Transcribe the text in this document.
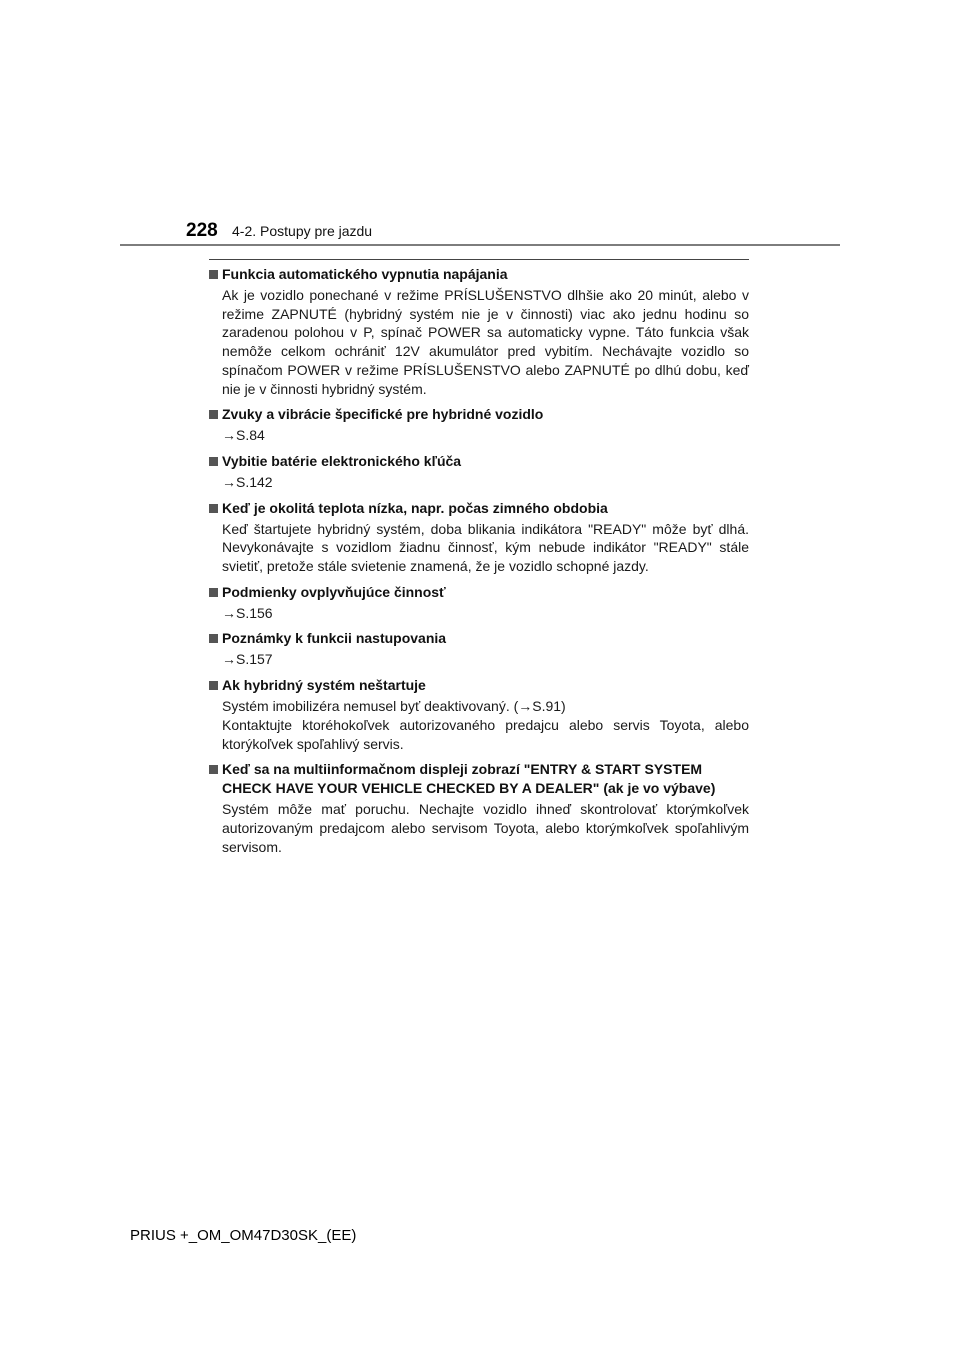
228 4-2. Postupy pre jazdu
Funkcia automatického vypnutia napájania
Ak je vozidlo ponechané v režime PRÍSLUŠENSTVO dlhšie ako 20 minút, alebo v režime ZAPNUTÉ (hybridný systém nie je v činnosti) viac ako jednu hodinu so zaradenou polohou v P, spínač POWER sa automaticky vypne. Táto funkcia však nemôže celkom ochrániť 12V akumulátor pred vybitím. Nechávajte vozidlo so spínačom POWER v režime PRÍSLUŠENSTVO alebo ZAPNUTÉ po dlhú dobu, keď nie je v činnosti hybridný systém.
Zvuky a vibrácie špecifické pre hybridné vozidlo
→S.84
Vybitie batérie elektronického kľúča
→S.142
Keď je okolitá teplota nízka, napr. počas zimného obdobia
Keď štartujete hybridný systém, doba blikania indikátora "READY" môže byť dlhá. Nevykonávajte s vozidlom žiadnu činnosť, kým nebude indikátor "READY" stále svietiť, pretože stále svietenie znamená, že je vozidlo schopné jazdy.
Podmienky ovplyvňujúce činnosť
→S.156
Poznámky k funkcii nastupovania
→S.157
Ak hybridný systém neštartuje
Systém imobilizéra nemusel byť deaktivovaný. (→S.91)
Kontaktujte ktoréhokoľvek autorizovaného predajcu alebo servis Toyota, alebo ktorýkoľvek spoľahlivý servis.
Keď sa na multiinformačnom displeji zobrazí "ENTRY & START SYSTEM CHECK HAVE YOUR VEHICLE CHECKED BY A DEALER" (ak je vo výbave)
Systém môže mať poruchu. Nechajte vozidlo ihneď skontrolovať ktorýmkoľvek autorizovaným predajcom alebo servisom Toyota, alebo ktorýmkoľvek spoľahlivým servisom.
PRIUS +_OM_OM47D30SK_(EE)
